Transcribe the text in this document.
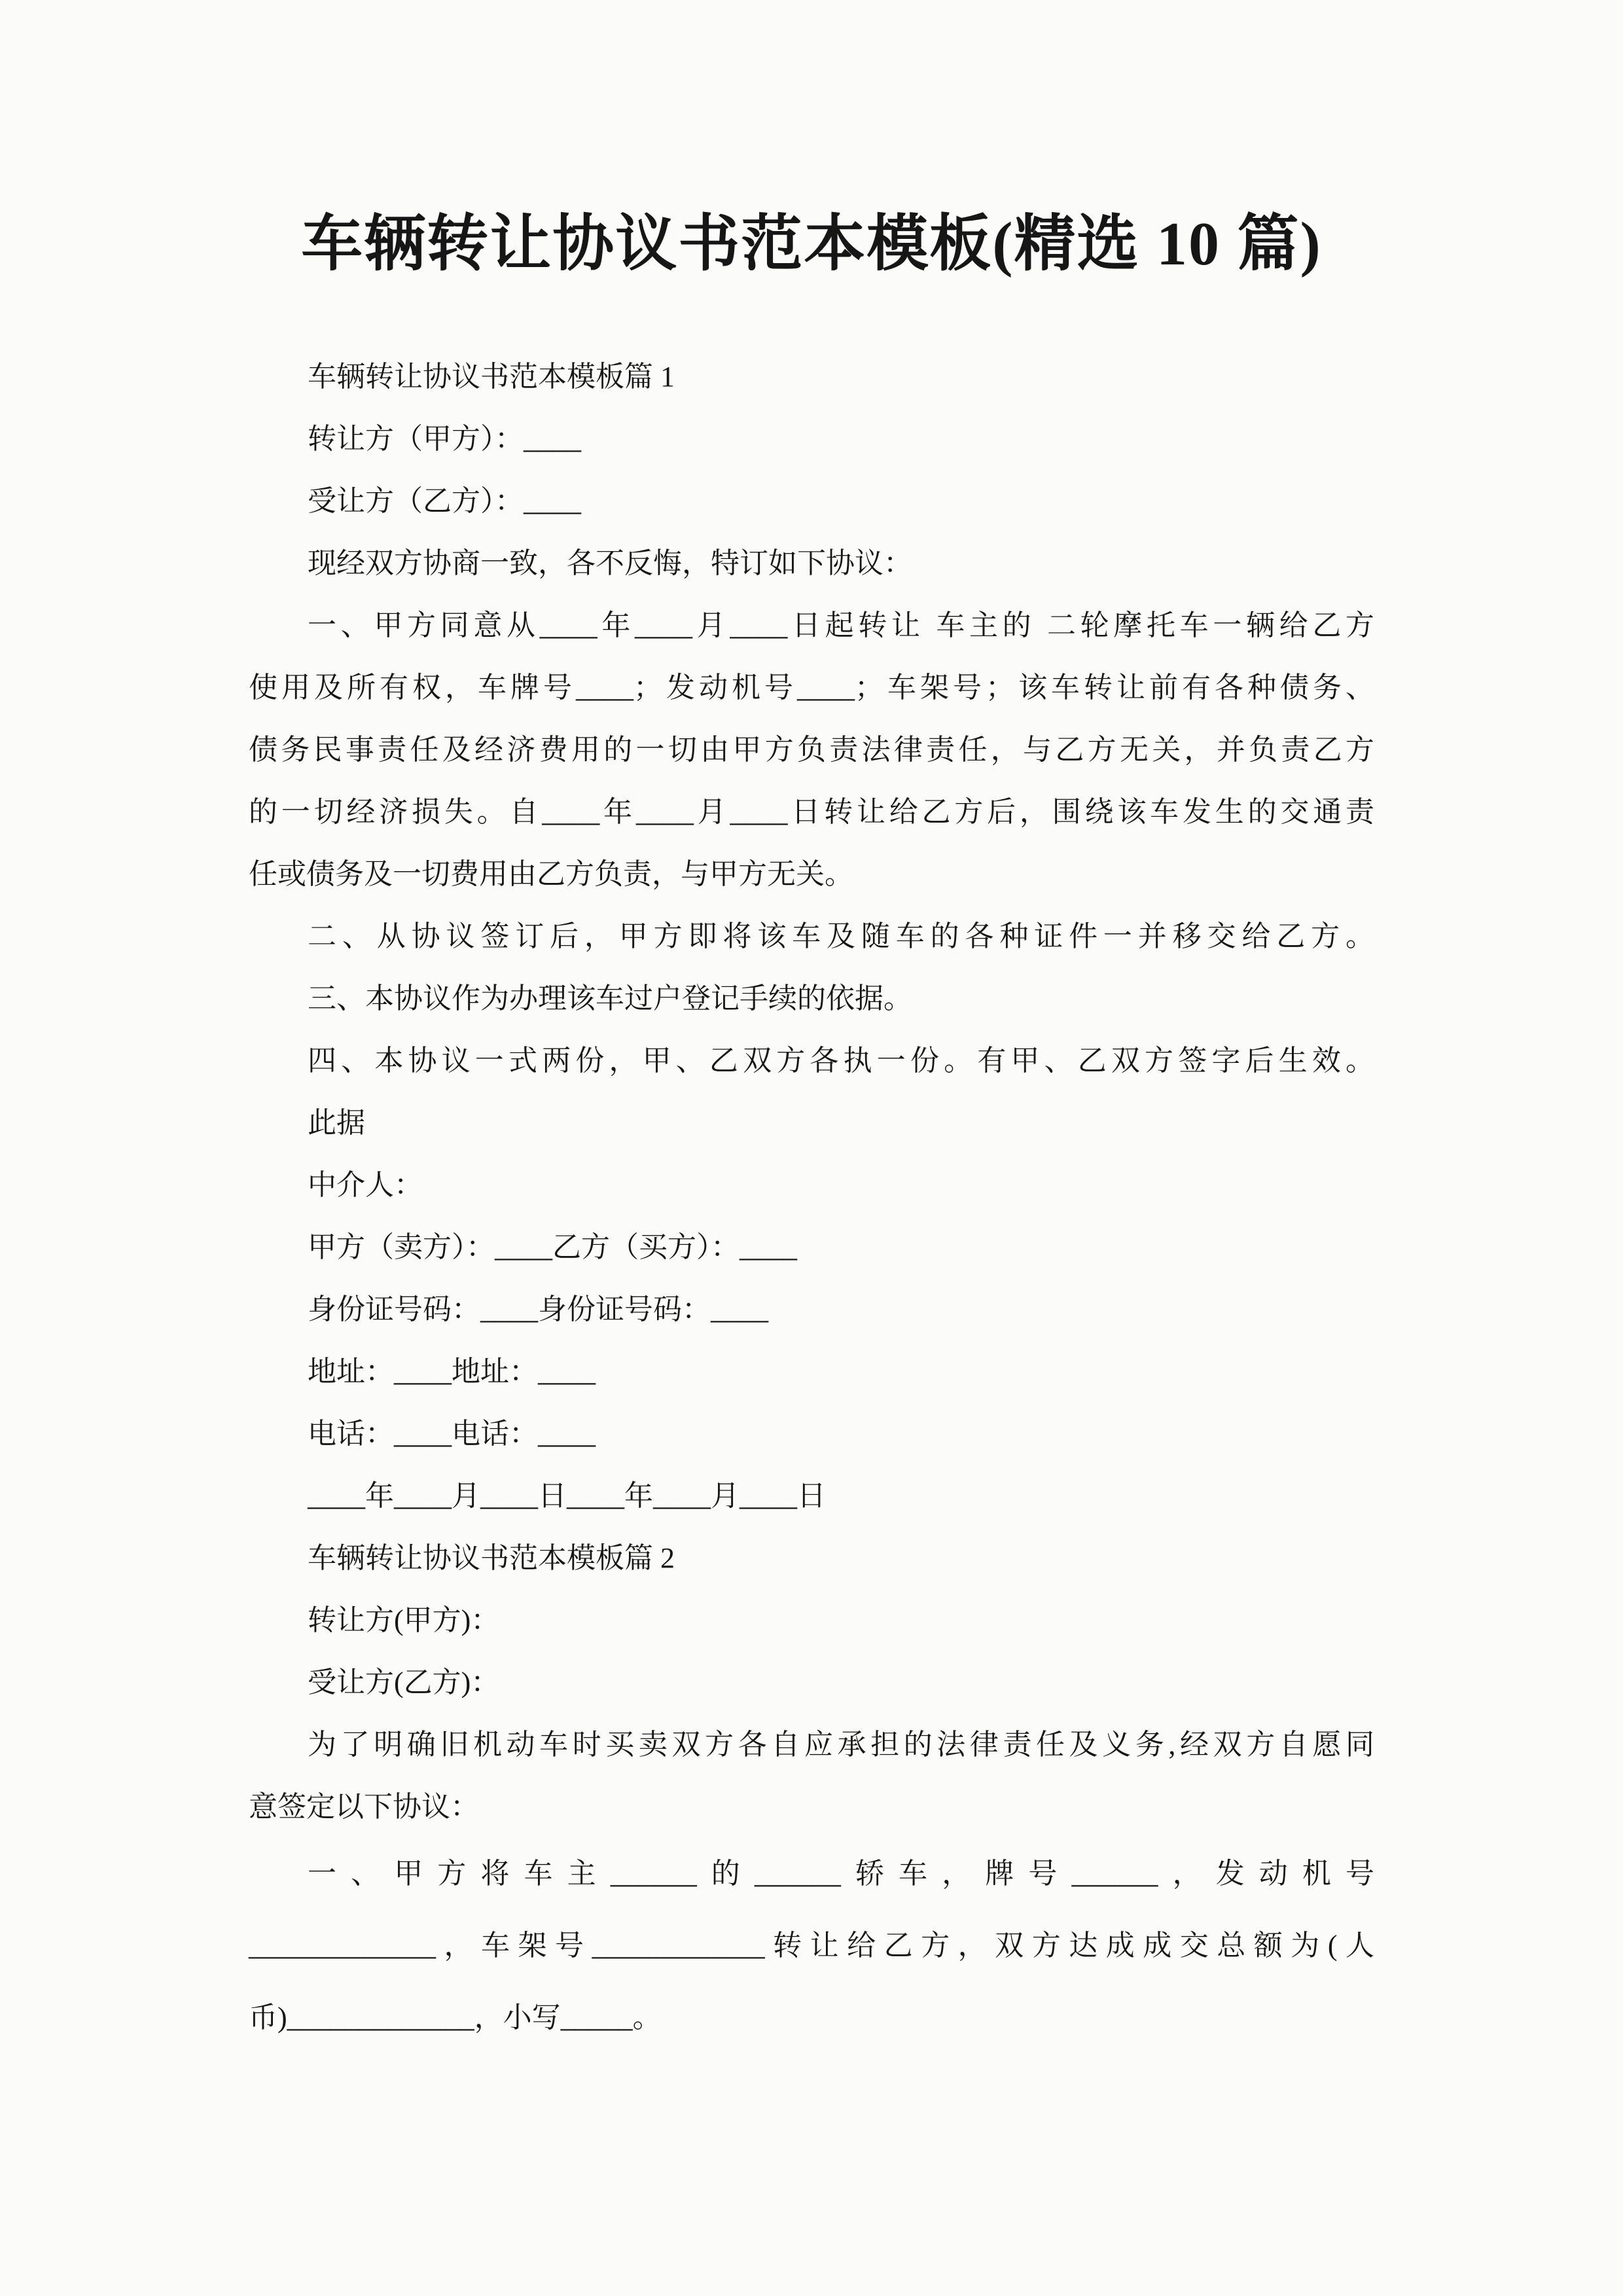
车辆转让协议书范本模板(精选 10 篇)
车辆转让协议书范本模板篇 1
转让方（甲方）：____
受让方（乙方）：____
现经双方协商一致，各不反悔，特订如下协议：
一、甲方同意从____年____月____日起转让 车主的 二轮摩托车一辆给乙方
使用及所有权，车牌号____；发动机号____；车架号；该车转让前有各种债务、
债务民事责任及经济费用的一切由甲方负责法律责任，与乙方无关，并负责乙方
的一切经济损失。自____年____月____日转让给乙方后，围绕该车发生的交通责
任或债务及一切费用由乙方负责，与甲方无关。
二、从协议签订后，甲方即将该车及随车的各种证件一并移交给乙方。
三、本协议作为办理该车过户登记手续的依据。
四、本协议一式两份，甲、乙双方各执一份。有甲、乙双方签字后生效。
此据
中介人：
甲方（卖方）：____乙方（买方）：____
身份证号码：____身份证号码：____
地址：____地址：____
电话：____电话：____
____年____月____日____年____月____日
车辆转让协议书范本模板篇 2
转让方(甲方)：
受让方(乙方)：
为了明确旧机动车时买卖双方各自应承担的法律责任及义务,经双方自愿同
意签定以下协议：
一、甲方将车主______的______轿车，牌号______，发动机号
_____________，车架号____________转让给乙方，双方达成成交总额为(人
币)_____________，小写_____。
